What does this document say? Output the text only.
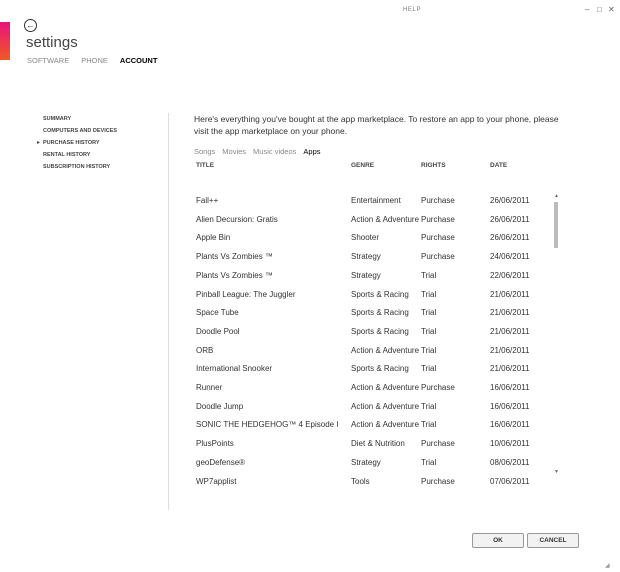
HELP	– □ ✕
←
settings
SOFTWARE PHONE ACCOUNT
SUMMARY
COMPUTERS AND DEVICES
▸ PURCHASE HISTORY
RENTAL HISTORY
SUBSCRIPTION HISTORY
Here's everything you've bought at the app marketplace. To restore an app to your phone, please visit the app marketplace on your phone.
Songs Movies Music videos Apps
TITLE	GENRE	RIGHTS	DATE
Fail++	Entertainment	Purchase	26/06/2011
Alien Decursion: Gratis	Action & Adventure Purchase	26/06/2011
Apple Bin	Shooter	Purchase	26/06/2011
Plants Vs Zombies ™	Strategy	Purchase	24/06/2011
Plants Vs Zombies ™	Strategy	Trial	22/06/2011
Pinball League: The Juggler	Sports & Racing Trial	21/06/2011
Space Tube	Sports & Racing Trial	21/06/2011
Doodle Pool	Sports & Racing Trial	21/06/2011
ORB	Action & Adventure Trial	21/06/2011
International Snooker	Sports & Racing Trial	21/06/2011
Runner	Action & Adventure Purchase	16/06/2011
Doodle Jump	Action & Adventure Trial	16/06/2011
SONIC THE HEDGEHOG™ 4 Episode I Action & Adventure Trial	16/06/2011
PlusPoints	Diet & Nutrition Purchase	10/06/2011
geoDefense®	Strategy	Trial	08/06/2011
WP7applist	Tools	Purchase	07/06/2011
▲
▼
OK	CANCEL
◢
